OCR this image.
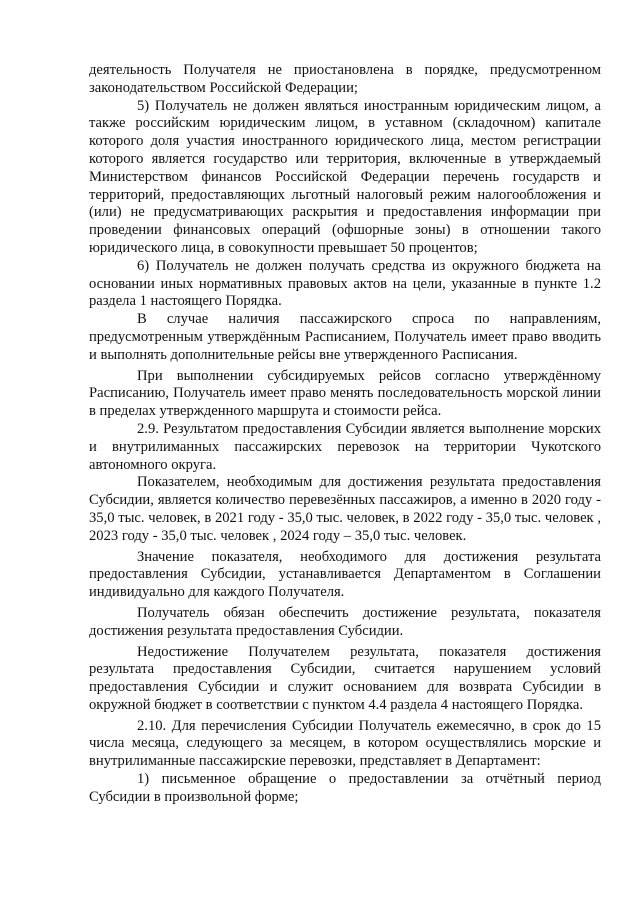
деятельность Получателя не приостановлена в порядке, предусмотренном законодательством Российской Федерации;

5) Получатель не должен являться иностранным юридическим лицом, а также российским юридическим лицом, в уставном (складочном) капитале которого доля участия иностранного юридического лица, местом регистрации которого является государство или территория, включенные в утверждаемый Министерством финансов Российской Федерации перечень государств и территорий, предоставляющих льготный налоговый режим налогообложения и (или) не предусматривающих раскрытия и предоставления информации при проведении финансовых операций (офшорные зоны) в отношении такого юридического лица, в совокупности превышает 50 процентов;

6) Получатель не должен получать средства из окружного бюджета на основании иных нормативных правовых актов на цели, указанные в пункте 1.2 раздела 1 настоящего Порядка.

В случае наличия пассажирского спроса по направлениям, предусмотренным утверждённым Расписанием, Получатель имеет право вводить и выполнять дополнительные рейсы вне утвержденного Расписания.

При выполнении субсидируемых рейсов согласно утверждённому Расписанию, Получатель имеет право менять последовательность морской линии в пределах утвержденного маршрута и стоимости рейса.

2.9. Результатом предоставления Субсидии является выполнение морских и внутрилиманных пассажирских перевозок на территории Чукотского автономного округа.

Показателем, необходимым для достижения результата предоставления Субсидии, является количество перевезённых пассажиров, а именно в 2020 году - 35,0 тыс. человек, в 2021 году - 35,0 тыс. человек, в 2022 году - 35,0 тыс. человек , 2023 году - 35,0 тыс. человек , 2024 году – 35,0 тыс. человек.

Значение показателя, необходимого для достижения результата предоставления Субсидии, устанавливается Департаментом в Соглашении индивидуально для каждого Получателя.

Получатель обязан обеспечить достижение результата, показателя достижения результата предоставления Субсидии.

Недостижение Получателем результата, показателя достижения результата предоставления Субсидии, считается нарушением условий предоставления Субсидии и служит основанием для возврата Субсидии в окружной бюджет в соответствии с пунктом 4.4 раздела 4 настоящего Порядка.

2.10. Для перечисления Субсидии Получатель ежемесячно, в срок до 15 числа месяца, следующего за месяцем, в котором осуществлялись морские и внутрилиманные пассажирские перевозки, представляет в Департамент:

1) письменное обращение о предоставлении за отчётный период Субсидии в произвольной форме;
